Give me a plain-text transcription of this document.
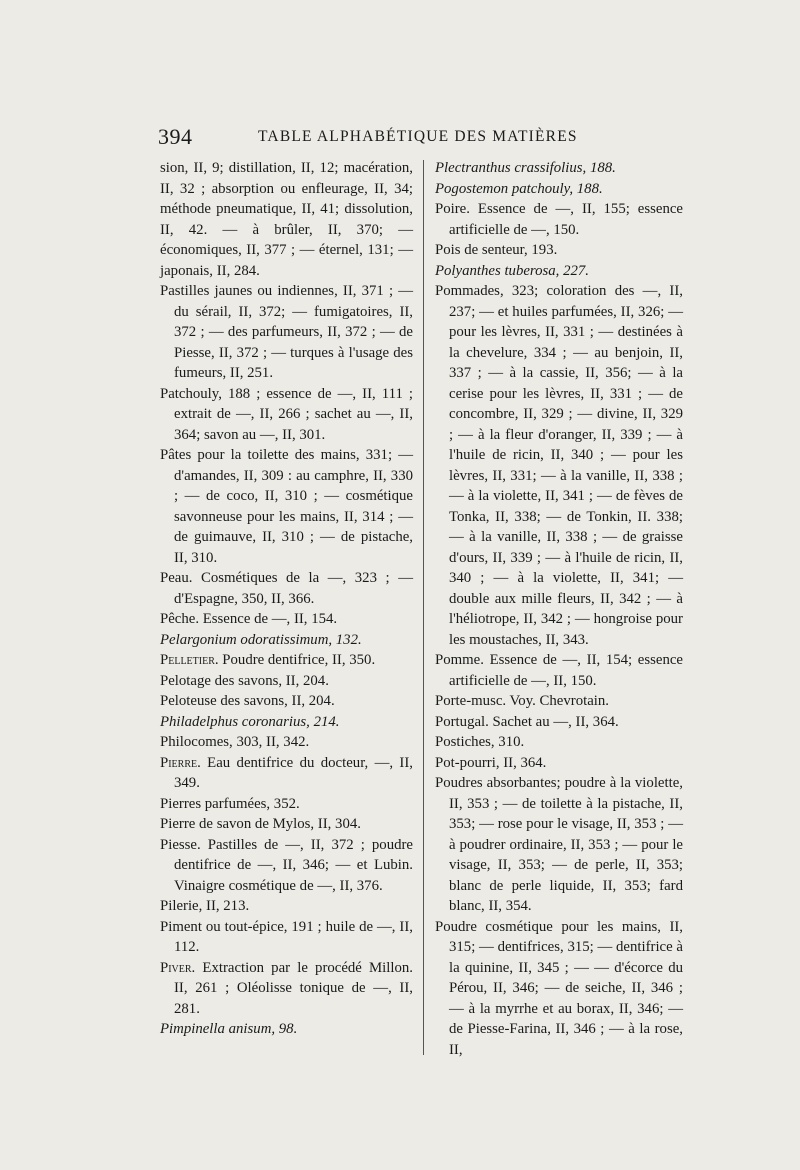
394	TABLE ALPHABÉTIQUE DES MATIÈRES

sion, II, 9; distillation, II, 12; macération, II, 32 ; absorption ou enfleurage, II, 34; méthode pneumatique, II, 41; dissolution, II, 42. — à brûler, II, 370; — économiques, II, 377 ; — éternel, 131; — japonais, II, 284.

Pastilles jaunes ou indiennes, II, 371 ; — du sérail, II, 372; — fumigatoires, II, 372 ; — des parfumeurs, II, 372 ; — de Piesse, II, 372 ; — turques à l'usage des fumeurs, II, 251.

Patchouly, 188 ; essence de —, II, 111 ; extrait de —, II, 266 ; sachet au —, II, 364; savon au —, II, 301.

Pâtes pour la toilette des mains, 331; — d'amandes, II, 309 : au camphre, II, 330 ; — de coco, II, 310 ; — cosmétique savonneuse pour les mains, II, 314 ; — de guimauve, II, 310 ; — de pistache, II, 310.

Peau. Cosmétiques de la —, 323 ; — d'Espagne, 350, II, 366.

Pêche. Essence de —, II, 154.

Pelargonium odoratissimum, 132.

Pelletier. Poudre dentifrice, II, 350.

Pelotage des savons, II, 204.

Peloteuse des savons, II, 204.

Philadelphus coronarius, 214.

Philocomes, 303, II, 342.

Pierre. Eau dentifrice du docteur, —, II, 349.

Pierres parfumées, 352.

Pierre de savon de Mylos, II, 304.

Piesse. Pastilles de —, II, 372 ; poudre dentifrice de —, II, 346; — et Lubin. Vinaigre cosmétique de —, II, 376.

Pilerie, II, 213.

Piment ou tout-épice, 191 ; huile de —, II, 112.

Piver. Extraction par le procédé Millon. II, 261 ; Oléolisse tonique de —, II, 281.

Pimpinella anisum, 98.

Plectranthus crassifolius, 188.

Pogostemon patchouly, 188.

Poire. Essence de —, II, 155; essence artificielle de —, 150.

Pois de senteur, 193.

Polyanthes tuberosa, 227.

Pommades, 323; coloration des —, II, 237; — et huiles parfumées, II, 326; — pour les lèvres, II, 331 ; — destinées à la chevelure, 334 ; — au benjoin, II, 337 ; — à la cassie, II, 356; — à la cerise pour les lèvres, II, 331 ; — de concombre, II, 329 ; — divine, II, 329 ; — à la fleur d'oranger, II, 339 ; — à l'huile de ricin, II, 340 ; — pour les lèvres, II, 331; — à la vanille, II, 338 ; — à la violette, II, 341 ; — de fèves de Tonka, II, 338; — de Tonkin, II. 338; — à la vanille, II, 338 ; — de graisse d'ours, II, 339 ; — à l'huile de ricin, II, 340 ; — à la violette, II, 341; — double aux mille fleurs, II, 342 ; — à l'héliotrope, II, 342 ; — hongroise pour les moustaches, II, 343.

Pomme. Essence de —, II, 154; essence artificielle de —, II, 150.

Porte-musc. Voy. Chevrotain.

Portugal. Sachet au —, II, 364.

Postiches, 310.

Pot-pourri, II, 364.

Poudres absorbantes; poudre à la violette, II, 353 ; — de toilette à la pistache, II, 353; — rose pour le visage, II, 353 ; — à poudrer ordinaire, II, 353 ; — pour le visage, II, 353; — de perle, II, 353; blanc de perle liquide, II, 353; fard blanc, II, 354.

Poudre cosmétique pour les mains, II, 315; — dentifrices, 315; — dentifrice à la quinine, II, 345 ; — — d'écorce du Pérou, II, 346; — de seiche, II, 346 ; — à la myrrhe et au borax, II, 346; — de Piesse-Farina, II, 346 ; — à la rose, II,
